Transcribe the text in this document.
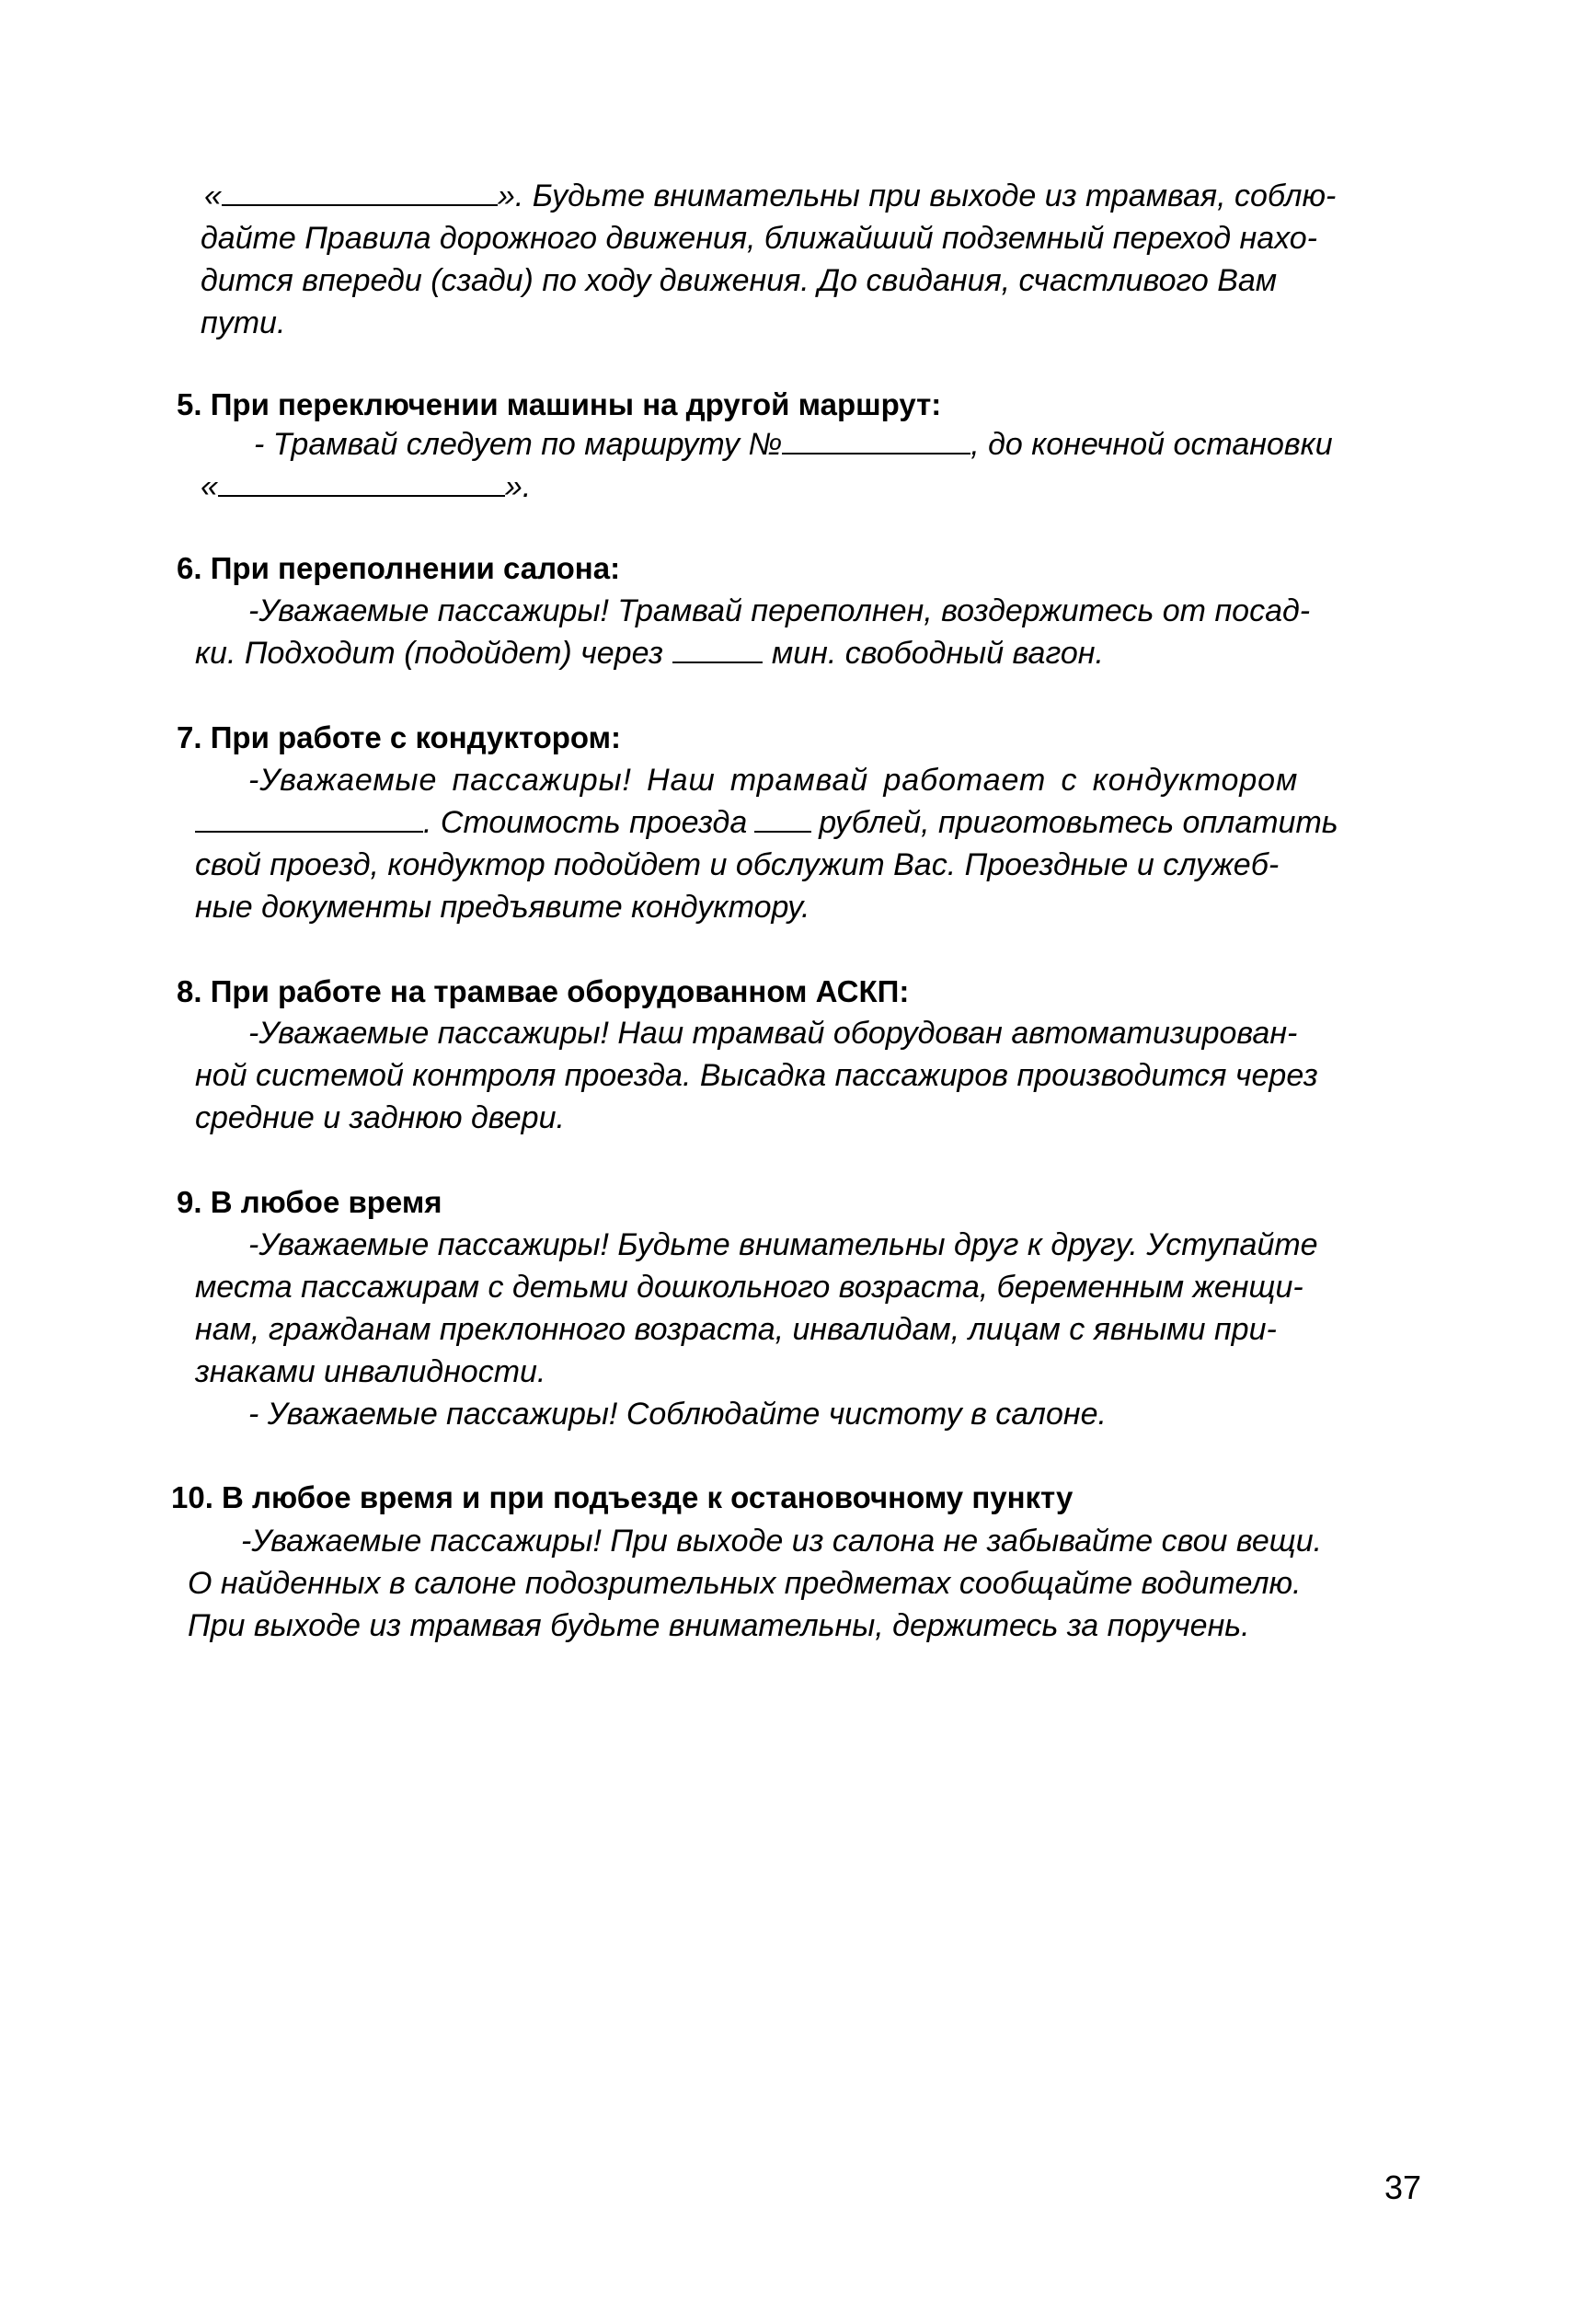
«	». Будьте внимательны при выходе из трамвая, соблю-
дайте Правила дорожного движения, ближайший подземный переход нахо-
дится впереди (сзади) по ходу движения. До свидания, счастливого Вам
пути.
5. При переключении машины на другой маршрут:
- Трамвай следует по маршруту №	, до конечной остановки
«	».
6. При переполнении салона:
-Уважаемые пассажиры! Трамвай переполнен, воздержитесь от посад-
ки. Подходит (подойдет) через	мин. свободный вагон.
7. При работе с кондуктором:
-Уважаемые пассажиры! Наш трамвай работает с кондуктором
. Стоимость проезда рублей, приготовьтесь оплатить
свой проезд, кондуктор подойдет и обслужит Вас. Проездные и служеб-
ные документы предъявите кондуктору.
8. При работе на трамвае оборудованном АСКП:
-Уважаемые пассажиры! Наш трамвай оборудован автоматизирован-
ной системой контроля проезда. Высадка пассажиров производится через
средние и заднюю двери.
9. В любое время
-Уважаемые пассажиры! Будьте внимательны друг к другу. Уступайте
места пассажирам с детьми дошкольного возраста, беременным женщи-
нам, гражданам преклонного возраста, инвалидам, лицам с явными при-
знаками инвалидности.
- Уважаемые пассажиры! Соблюдайте чистоту в салоне.
10. В любое время и при подъезде к остановочному пункту
-Уважаемые пассажиры! При выходе из салона не забывайте свои вещи.
О найденных в салоне подозрительных предметах сообщайте водителю.
При выходе из трамвая будьте внимательны, держитесь за поручень.
37
